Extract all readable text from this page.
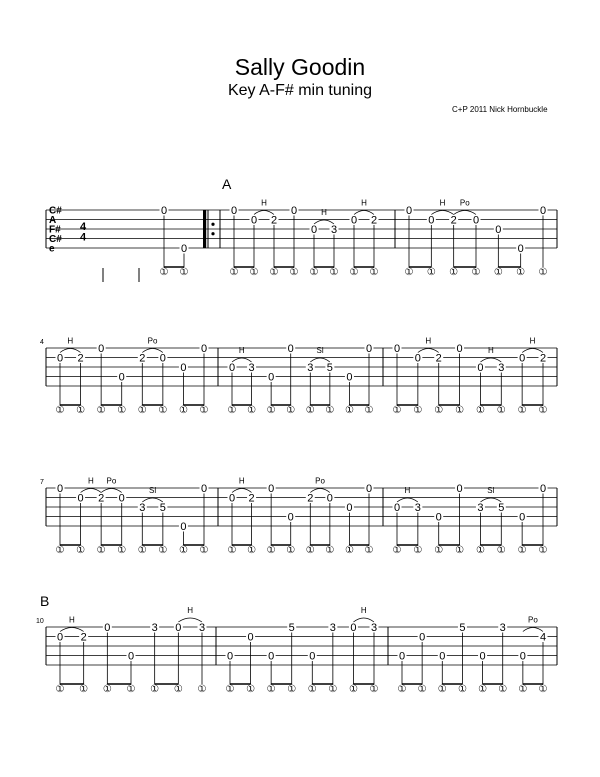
Sally Goodin
Key A-F# min tuning
C+P 2011 Nick Hornbuckle
A
B
4
7
10
C#
A
F#
C#
e
4
4
0
①
0
①
0
①
0
①
2
①
H
0
①
0
①
3
①
H
0
①
2
①
H
0
①
0
①
2
①
H
0
①
Po
0
①
0
①
0
①
0
①
2
①
H
0
①
0
①
2
①
0
①
Po
0
①
0
①
0
①
3
①
H
0
①
0
①
3
①
5
①
Sl
0
①
0
①
0
①
0
①
2
①
H
0
①
0
①
3
①
H
0
①
2
①
H
0
①
0
①
2
①
H
0
①
Po
3
①
5
①
Sl
0
①
0
①
0
①
2
①
H
0
①
0
①
2
①
0
①
Po
0
①
0
①
0
①
3
①
H
0
①
0
①
3
①
5
①
Sl
0
①
0
①
0
①
2
①
H
0
①
0
①
3
①
0
①
3
①
H
0
①
0
①
0
①
5
①
0
①
3
①
0
①
3
①
H
0
①
0
①
0
①
5
①
0
①
3
①
0
①
4
①
Po
